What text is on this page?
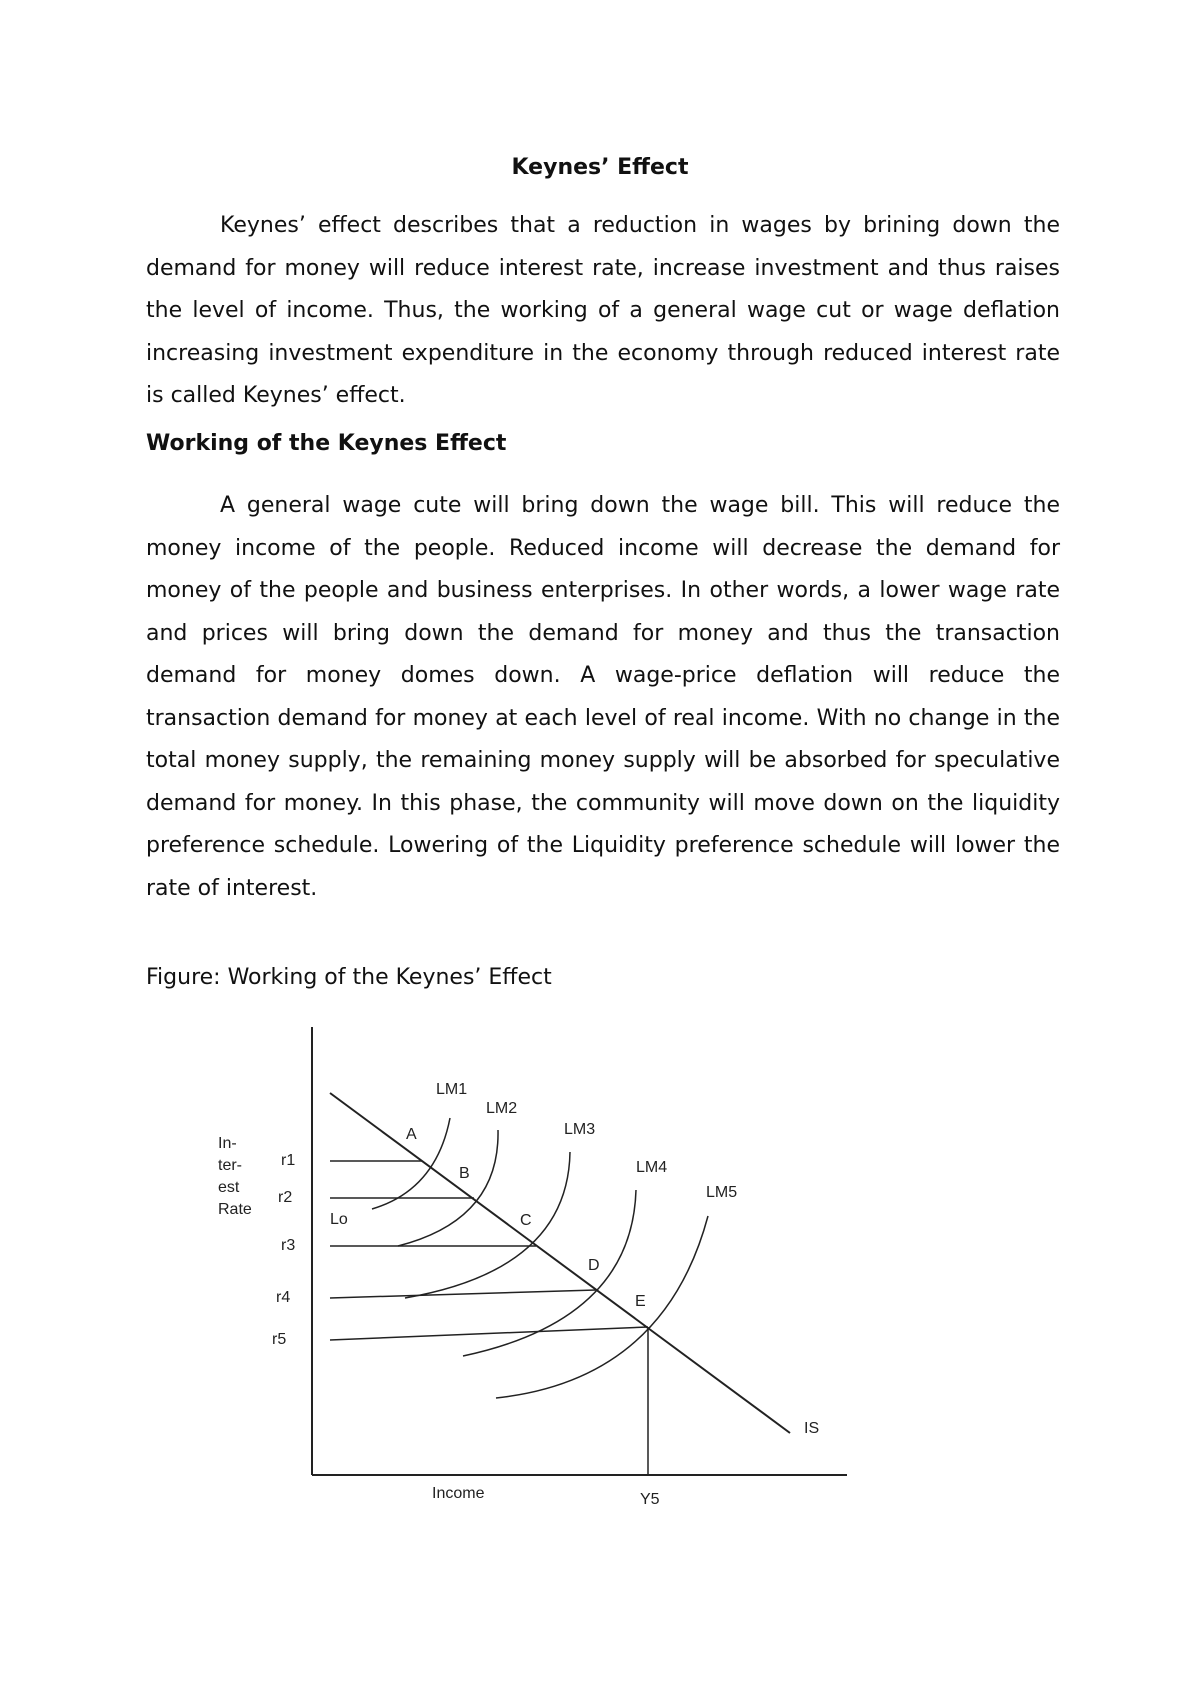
Keynes’ Effect

Keynes’ effect describes that a reduction in wages by brining down the demand for money will reduce interest rate, increase investment and thus raises the level of income. Thus, the working of a general wage cut or wage deflation increasing investment expenditure in the economy through reduced interest rate is called Keynes’ effect.

Working of the Keynes Effect

A general wage cute will bring down the wage bill. This will reduce the money income of the people. Reduced income will decrease the demand for money of the people and business enterprises. In other words, a lower wage rate and prices will bring down the demand for money and thus the transaction demand for money domes down. A wage-price deflation will reduce the transaction demand for money at each level of real income. With no change in the total money supply, the remaining money supply will be absorbed for speculative demand for money. In this phase, the community will move down on the liquidity preference schedule. Lowering of the Liquidity preference schedule will lower the rate of interest.

Figure: Working of the Keynes’ Effect

In-
ter-
est
Rate
r1
r2
r3
r4
r5
LM1
LM2
LM3
LM4
LM5
A
B
C
D
E
Lo
IS
Income	Y5
